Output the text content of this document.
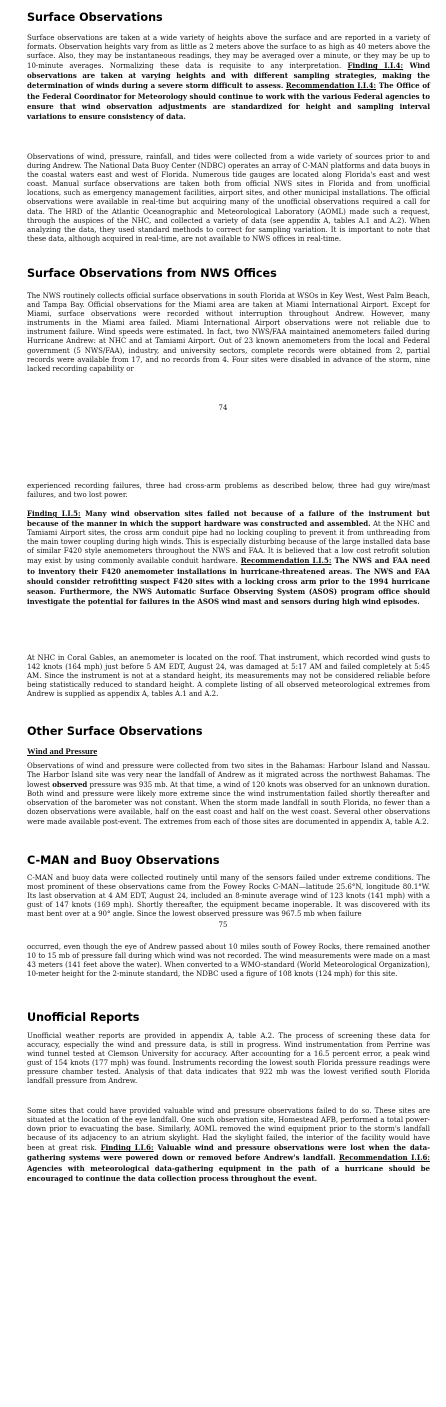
Surface Observations

Surface observations are taken at a wide variety of heights above the surface and are reported in a variety of formats. Observation heights vary from as little as 2 meters above the surface to as high as 40 meters above the surface. Also, they may be instantaneous readings, they may be averaged over a minute, or they may be up to 10-minute averages. Normalizing these data is requisite to any interpretation. Finding I.I.4: Wind observations are taken at varying heights and with different sampling strategies, making the determination of winds during a severe storm difficult to assess. Recommendation I.I.4: The Office of the Federal Coordinator for Meteorology should continue to work with the various Federal agencies to ensure that wind observation adjustments are standardized for height and sampling interval variations to ensure consistency of data.

Observations of wind, pressure, rainfall, and tides were collected from a wide variety of sources prior to and during Andrew. The National Data Buoy Center (NDBC) operates an array of C-MAN platforms and data buoys in the coastal waters east and west of Florida. Numerous tide gauges are located along Florida's east and west coast. Manual surface observations are taken both from official NWS sites in Florida and from unofficial locations, such as emergency management facilities, airport sites, and other municipal installations. The official observations were available in real-time but acquiring many of the unofficial observations required a call for data. The HRD of the Atlantic Oceanographic and Meteorological Laboratory (AOML) made such a request, through the auspices of the NHC, and collected a variety of data (see appendix A, tables A.1 and A.2). When analyzing the data, they used standard methods to correct for sampling variation. It is important to note that these data, although acquired in real-time, are not available to NWS offices in real-time.

Surface Observations from NWS Offices

The NWS routinely collects official surface observations in south Florida at WSOs in Key West, West Palm Beach, and Tampa Bay. Official observations for the Miami area are taken at Miami International Airport. Except for Miami, surface observations were recorded without interruption throughout Andrew. However, many instruments in the Miami area failed. Miami International Airport observations were not reliable due to instrument failure. Wind speeds were estimated. In fact, two NWS/FAA maintained anemometers failed during Hurricane Andrew: at NHC and at Tamiami Airport. Out of 23 known anemometers from the local and Federal government (5 NWS/FAA), industry, and university sectors, complete records were obtained from 2, partial records were available from 17, and no records from 4. Four sites were disabled in advance of the storm, nine lacked recording capability or

74

experienced recording failures, three had cross-arm problems as described below, three had guy wire/mast failures, and two lost power.

Finding I.I.5: Many wind observation sites failed not because of a failure of the instrument but because of the manner in which the support hardware was constructed and assembled. At the NHC and Tamiami Airport sites, the cross arm conduit pipe had no locking coupling to prevent it from unthreading from the main tower coupling during high winds. This is especially disturbing because of the large installed data base of similar F420 style anemometers throughout the NWS and FAA. It is believed that a low cost retrofit solution may exist by using commonly available conduit hardware. Recommendation I.I.5: The NWS and FAA need to inventory their F420 anemometer installations in hurricane-threatened areas. The NWS and FAA should consider retrofitting suspect F420 sites with a locking cross arm prior to the 1994 hurricane season. Furthermore, the NWS Automatic Surface Observing System (ASOS) program office should investigate the potential for failures in the ASOS wind mast and sensors during high wind episodes.

At NHC in Coral Gables, an anemometer is located on the roof. That instrument, which recorded wind gusts to 142 knots (164 mph) just before 5 AM EDT, August 24, was damaged at 5:17 AM and failed completely at 5:45 AM. Since the instrument is not at a standard height, its measurements may not be considered reliable before being statistically reduced to standard height. A complete listing of all observed meteorological extremes from Andrew is supplied as appendix A, tables A.1 and A.2.

Other Surface Observations
Wind and Pressure

Observations of wind and pressure were collected from two sites in the Bahamas: Harbour Island and Nassau. The Harbor Island site was very near the landfall of Andrew as it migrated across the northwest Bahamas. The lowest observed pressure was 935 mb. At that time, a wind of 120 knots was observed for an unknown duration. Both wind and pressure were likely more extreme since the wind instrumentation failed shortly thereafter and observation of the barometer was not constant. When the storm made landfall in south Florida, no fewer than a dozen observations were available, half on the east coast and half on the west coast. Several other observations were made available post-event. The extremes from each of those sites are documented in appendix A, table A.2.

C-MAN and Buoy Observations

C-MAN and buoy data were collected routinely until many of the sensors failed under extreme conditions. The most prominent of these observations came from the Fowey Rocks C-MAN—latitude 25.6°N, longitude 80.1°W. Its last observation at 4 AM EDT, August 24, included an 8-minute average wind of 123 knots (141 mph) with a gust of 147 knots (169 mph). Shortly thereafter, the equipment became inoperable. It was discovered with its mast bent over at a 90° angle. Since the lowest observed pressure was 967.5 mb when failure

75

occurred, even though the eye of Andrew passed about 10 miles south of Fowey Rocks, there remained another 10 to 15 mb of pressure fall during which wind was not recorded. The wind measurements were made on a mast 43 meters (141 feet above the water). When converted to a WMO-standard (World Meteorological Organization), 10-meter height for the 2-minute standard, the NDBC used a figure of 108 knots (124 mph) for this site.

Unofficial Reports

Unofficial weather reports are provided in appendix A, table A.2. The process of screening these data for accuracy, especially the wind and pressure data, is still in progress. Wind instrumentation from Perrine was wind tunnel tested at Clemson University for accuracy. After accounting for a 16.5 percent error, a peak wind gust of 154 knots (177 mph) was found. Instruments recording the lowest south Florida pressure readings were pressure chamber tested. Analysis of that data indicates that 922 mb was the lowest verified south Florida landfall pressure from Andrew.

Some sites that could have provided valuable wind and pressure observations failed to do so. These sites are situated at the location of the eye landfall. One such observation site, Homestead AFB, performed a total power-down prior to evacuating the base. Similarly, AOML removed the wind equipment prior to the storm's landfall because of its adjacency to an atrium skylight. Had the skylight failed, the interior of the facility would have been at great risk. Finding I.I.6: Valuable wind and pressure observations were lost when the data-gathering systems were powered down or removed before Andrew's landfall. Recommendation I.I.6: Agencies with meteorological data-gathering equipment in the path of a hurricane should be encouraged to continue the data collection process throughout the event.
